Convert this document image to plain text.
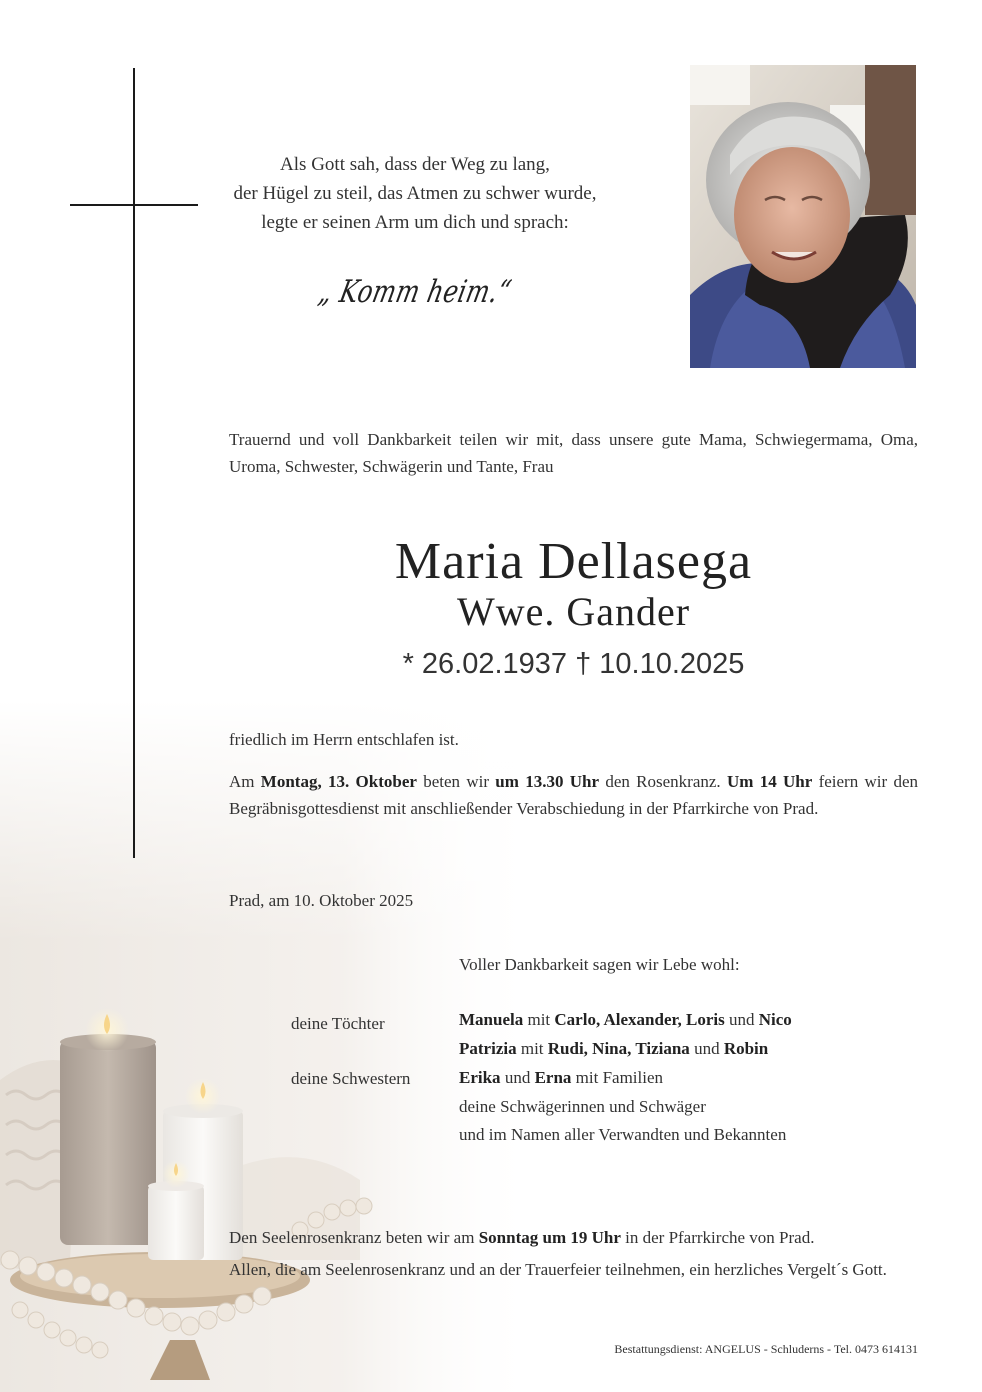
Als Gott sah, dass der Weg zu lang,
der Hügel zu steil, das Atmen zu schwer wurde,
legte er seinen Arm um dich und sprach:
„ Komm heim.“
Trauernd und voll Dankbarkeit teilen wir mit, dass unsere gute Mama, Schwiegermama, Oma, Uroma, Schwester, Schwägerin und Tante, Frau
Maria Dellasega
Wwe. Gander
* 26.02.1937 † 10.10.2025
friedlich im Herrn entschlafen ist.
Am Montag, 13. Oktober beten wir um 13.30 Uhr den Rosenkranz. Um 14 Uhr feiern wir den Begräbnisgottesdienst mit anschließender Verabschiedung in der Pfarrkirche von Prad.
Prad, am 10. Oktober 2025
Voller Dankbarkeit sagen wir Lebe wohl:
deine Töchter
deine Schwestern
Manuela mit Carlo, Alexander, Loris und Nico
Patrizia mit Rudi, Nina, Tiziana und Robin
Erika und Erna mit Familien
deine Schwägerinnen und Schwäger
und im Namen aller Verwandten und Bekannten
Den Seelenrosenkranz beten wir am Sonntag um 19 Uhr in der Pfarrkirche von Prad.
Allen, die am Seelenrosenkranz und an der Trauerfeier teilnehmen, ein herzliches Vergelt´s Gott.
Bestattungsdienst: ANGELUS - Schluderns - Tel. 0473 614131
